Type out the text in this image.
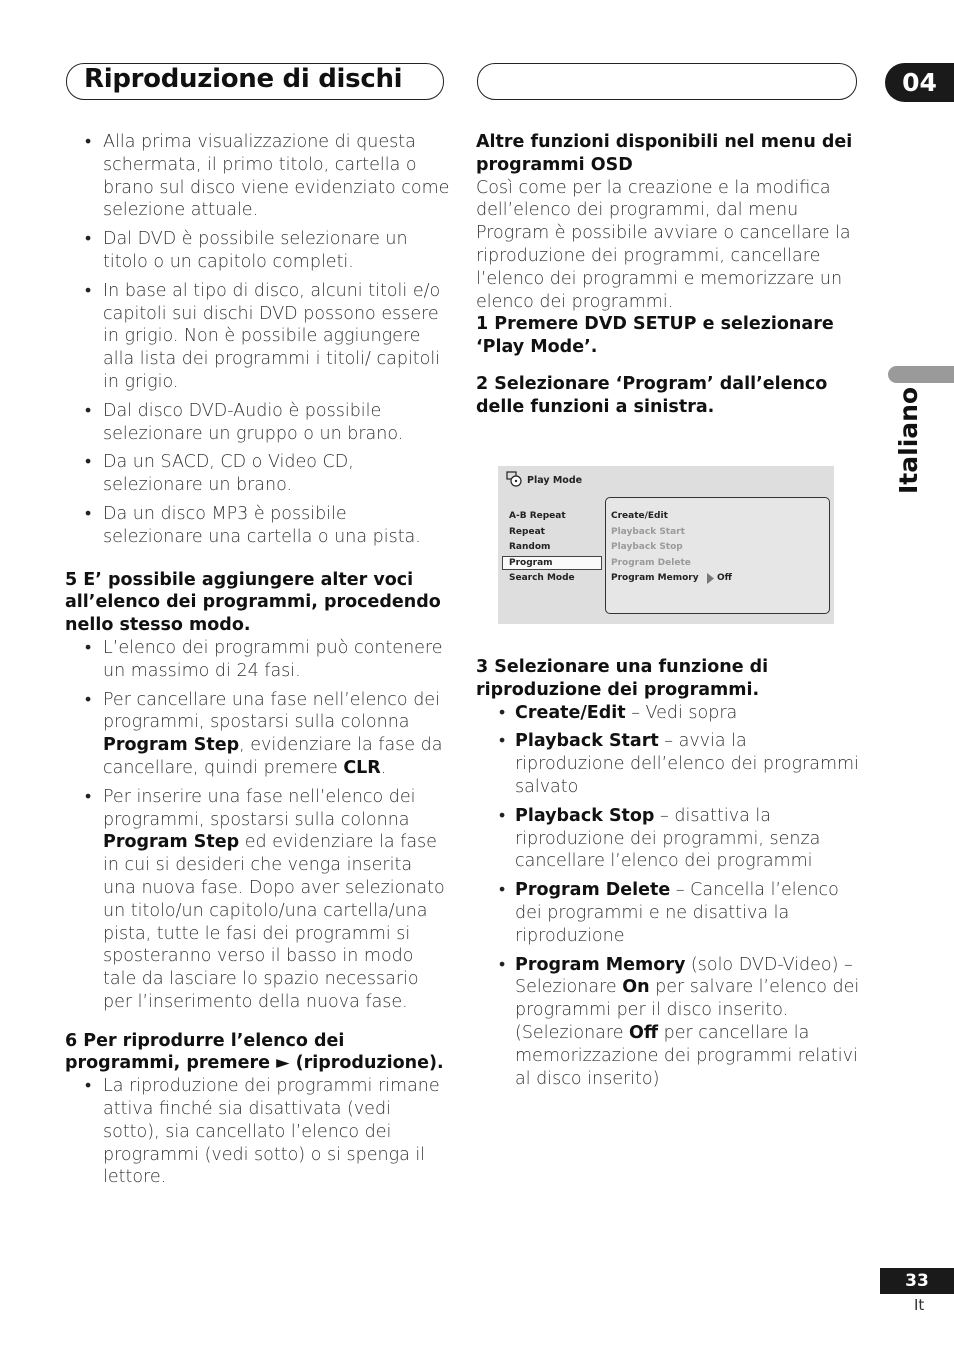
Riproduzione di dischi	04
Italiano
• Alla prima visualizzazione di questa schermata, il primo titolo, cartella o brano sul disco viene evidenziato come selezione attuale.
• Dal DVD è possibile selezionare un titolo o un capitolo completi.
• In base al tipo di disco, alcuni titoli e/o capitoli sui dischi DVD possono essere in grigio. Non è possibile aggiungere alla lista dei programmi i titoli/ capitoli in grigio.
• Dal disco DVD-Audio è possibile selezionare un gruppo o un brano.
• Da un SACD, CD o Video CD, selezionare un brano.
• Da un disco MP3 è possibile selezionare una cartella o una pista.

5 E’ possibile aggiungere alter voci all’elenco dei programmi, procedendo nello stesso modo.

• L’elenco dei programmi può contenere un massimo di 24 fasi.
• Per cancellare una fase nell’elenco dei programmi, spostarsi sulla colonna Program Step, evidenziare la fase da cancellare, quindi premere CLR.
• Per inserire una fase nell’elenco dei programmi, spostarsi sulla colonna Program Step ed evidenziare la fase in cui si desideri che venga inserita una nuova fase. Dopo aver selezionato un titolo/un capitolo/una cartella/una pista, tutte le fasi dei programmi si sposteranno verso il basso in modo tale da lasciare lo spazio necessario per l’inserimento della nuova fase.

6 Per riprodurre l’elenco dei programmi, premere ► (riproduzione).

• La riproduzione dei programmi rimane attiva finché sia disattivata (vedi sotto), sia cancellato l’elenco dei programmi (vedi sotto) o si spenga il lettore.

Altre funzioni disponibili nel menu dei programmi OSD

Così come per la creazione e la modifica dell’elenco dei programmi, dal menu Program è possibile avviare o cancellare la riproduzione dei programmi, cancellare l’elenco dei programmi e memorizzare un elenco dei programmi.

1 Premere DVD SETUP e selezionare ‘Play Mode’.

2 Selezionare ‘Program’ dall’elenco delle funzioni a sinistra.

Play Mode
A-B Repeat
Repeat
Random
Program
Search Mode
Create/Edit
Playback Start
Playback Stop
Program Delete
Program Memory Off

3 Selezionare una funzione di riproduzione dei programmi.

• Create/Edit – Vedi sopra
• Playback Start – avvia la riproduzione dell’elenco dei programmi salvato
• Playback Stop – disattiva la riproduzione dei programmi, senza cancellare l’elenco dei programmi
• Program Delete – Cancella l’elenco dei programmi e ne disattiva la riproduzione
• Program Memory (solo DVD-Video) – Selezionare On per salvare l’elenco dei programmi per il disco inserito. (Selezionare Off per cancellare la memorizzazione dei programmi relativi al disco inserito)
33
It
